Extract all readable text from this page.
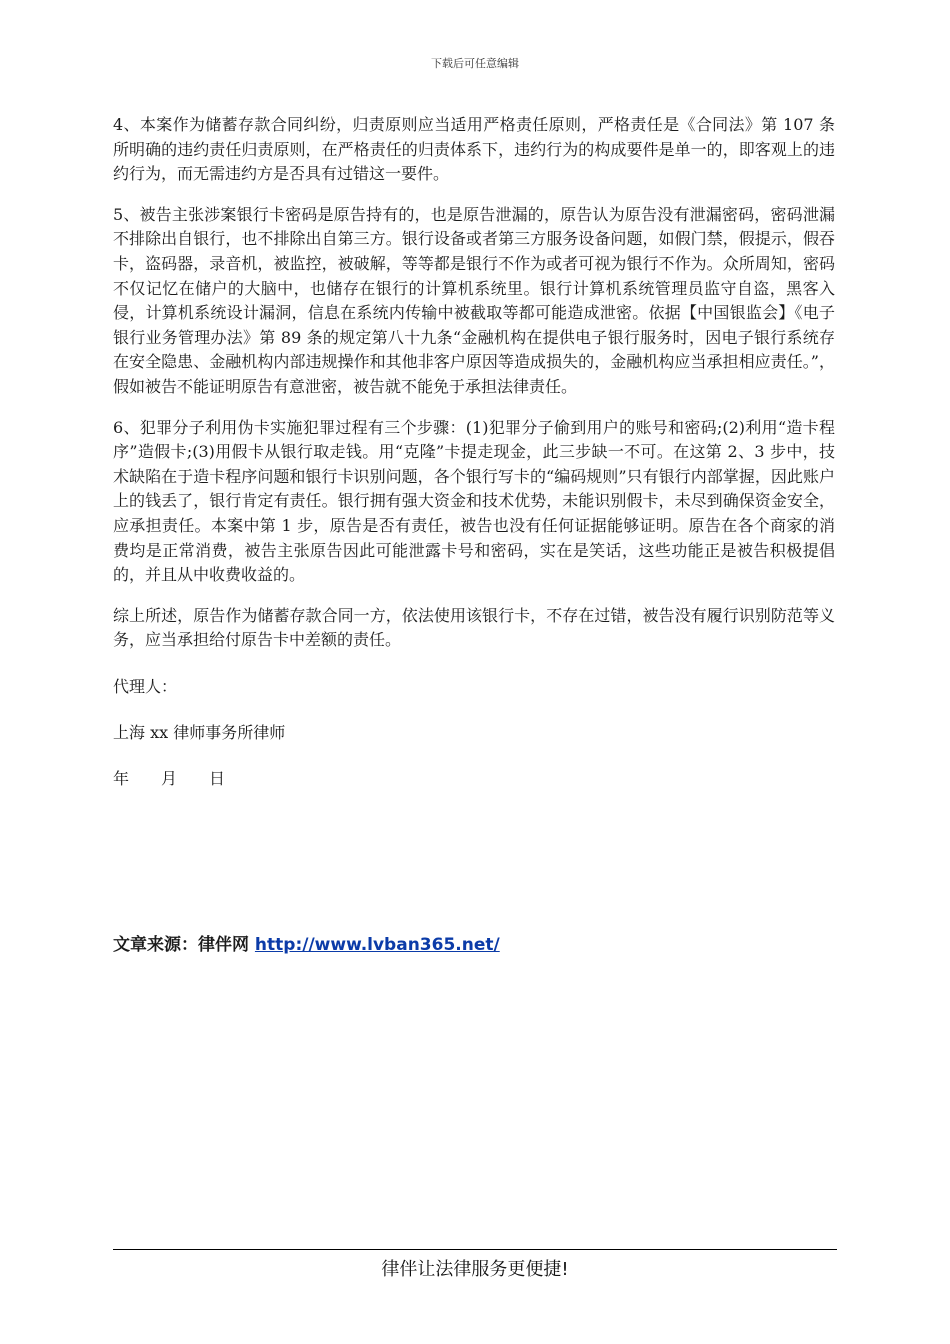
下载后可任意编辑

4、本案作为储蓄存款合同纠纷，归责原则应当适用严格责任原则，严格责任是《合同法》第 107 条所明确的违约责任归责原则，在严格责任的归责体系下，违约行为的构成要件是单一的，即客观上的违约行为，而无需违约方是否具有过错这一要件。

5、被告主张涉案银行卡密码是原告持有的，也是原告泄漏的，原告认为原告没有泄漏密码，密码泄漏不排除出自银行，也不排除出自第三方。银行设备或者第三方服务设备问题，如假门禁，假提示，假吞卡，盗码器，录音机，被监控，被破解，等等都是银行不作为或者可视为银行不作为。众所周知，密码不仅记忆在储户的大脑中，也储存在银行的计算机系统里。银行计算机系统管理员监守自盗，黑客入侵，计算机系统设计漏洞，信息在系统内传输中被截取等都可能造成泄密。依据【中国银监会】《电子银行业务管理办法》第 89 条的规定第八十九条“金融机构在提供电子银行服务时，因电子银行系统存在安全隐患、金融机构内部违规操作和其他非客户原因等造成损失的，金融机构应当承担相应责任。”，假如被告不能证明原告有意泄密，被告就不能免于承担法律责任。

6、犯罪分子利用伪卡实施犯罪过程有三个步骤：(1)犯罪分子偷到用户的账号和密码;(2)利用“造卡程序”造假卡;(3)用假卡从银行取走钱。用“克隆”卡提走现金，此三步缺一不可。在这第 2、3 步中，技术缺陷在于造卡程序问题和银行卡识别问题，各个银行写卡的“编码规则”只有银行内部掌握，因此账户上的钱丢了，银行肯定有责任。银行拥有强大资金和技术优势，未能识别假卡，未尽到确保资金安全，应承担责任。本案中第 1 步，原告是否有责任，被告也没有任何证据能够证明。原告在各个商家的消费均是正常消费，被告主张原告因此可能泄露卡号和密码，实在是笑话，这些功能正是被告积极提倡的，并且从中收费收益的。

综上所述，原告作为储蓄存款合同一方，依法使用该银行卡，不存在过错，被告没有履行识别防范等义务，应当承担给付原告卡中差额的责任。

代理人：

上海 xx 律师事务所律师

年　　月　　日

文章来源：律伴网 http://www.lvban365.net/
律伴让法律服务更便捷!
